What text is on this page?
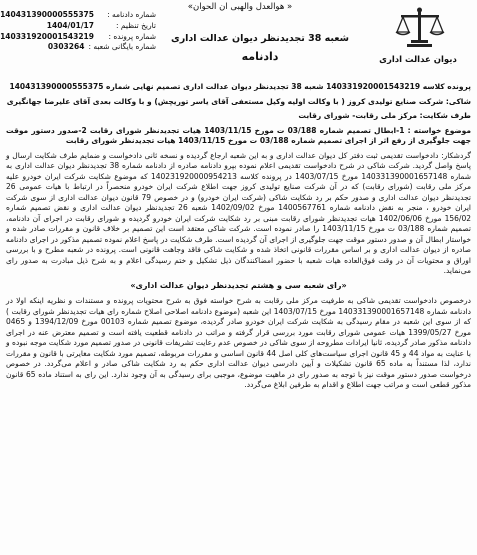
«هوالعدل واﻟﻬﺒﯽ ان اﻟﺤﻮان »
دیوان عدالت اداری
شعبه 38 تجدیدنظر دیوان عدالت اداری
دادنامه
شماره دادنامه :
140431390000555375
تاریخ تنظیم :
1404/01/17
شماره پرونده :
140331920001543219
شماره بایگانی شعبه :
0303264

پرونده کلاسه 140331920001543219 شعبه 38 تجدیدنظر دیوان عدالت اداری تصمیم نهایی شماره 140431390000555375

شاکی: شرکت صنایع تولیدی کروز ( با وکالت اولیه وکیل مستعفی آقای یاسر توریچش) و با وکالت بعدی آقای علیرضا جهانگیری

طرف شکایت: مرکز ملی رقابت- شورای رقابت

موضوع خواسته : 1-ابطال تصمیم شماره 03/188 ت مورخ 1403/11/15 هیات تجدیدنظر شورای رقابت 2-صدور دستور موقت جهت جلوگیری از رفع اثر از اجرای تصمیم شماره 03/188 ت مورخ 1403/11/15 هیات تجدیدنظر شورای رقابت

گردشکار: دادخواست تقدیمی ثبت دفتر کل دیوان عدالت اداری و به این شعبه ارجاع گردیده و نسخه ثانی دادخواست و ضمایم طرف شکایت ارسال و پاسخ واصل گردید. شرکت شاکی در شرح دادخواست تقدیمی اعلام نموده بپرو دادنامه صادره از دادنامه شماره 38 تجدیدنظر دیوان عدالت اداری به شماره 140331390001657148 مورخ 1403/07/15 در پرونده کلاسه 140231920000954213 که موضوع شکایت شرکت ایران خودرو علیه مرکز ملی رقابت (شورای رقابت) که در آن شرکت صنایع تولیدی کروز جهت اطلاع شرکت ایران خودرو منحصراً در ارتباط با هیات عمومی 26 تجدیدنظر دیوان عدالت اداری و صدور حکم بر رد شکایت شاکی (شرکت ایران خودرو) و در خصوص 79 قانون دیوان عدالت اداری از سوی شرکت ایران خودرو ، منجر به نقض دادنامه شماره 1400567761 مورخ 1402/09/02 شعبه 26 تجدیدنظر دیوان عدالت اداری و نقض تصمیم شماره 156/02 مورخ 1402/06/06 هیات تجدیدنظر شورای رقابت مبنی بر رد شکایت شرکت ایران خودرو گردیده و شورای رقابت در اجرای آن دادنامه، تصمیم شماره 03/188 ت مورخ 1403/11/15 را صادر نموده است. شرکت شاکی معتقد است این تصمیم بر خلاف قانون و مقررات صادر شده و خواستار ابطال آن و صدور دستور موقت جهت جلوگیری از اجرای آن گردیده است. طرف شکایت در پاسخ اعلام نموده تصمیم مذکور در اجرای دادنامه صادره از دیوان عدالت اداری و بر اساس مقررات قانونی اتخاذ شده و شکایت شاکی فاقد وجاهت قانونی است. پرونده در شعبه مطرح و با بررسی اوراق و محتویات آن در وقت فوق‌العاده هیات شعبه با حضور امضاکنندگان ذیل تشکیل و ختم رسیدگی اعلام و به شرح ذیل مبادرت به صدور رای می‌نماید.

«رای شعبه سی و هشتم تجدیدنظر دیوان عدالت اداری»

درخصوص دادخواست تقدیمی شاکی به طرفیت مرکز ملی رقابت به شرح خواسته فوق به شرح محتویات پرونده و مستندات و نظریه اینکه اولا در دادنامه شماره 140331390001657148 مورخ 1403/07/15 این شعبه (موضوع دادنامه اصلاحی اصلاح شماره رای هیات تجدیدنظر شورای رقابت ) که از سوی این شعبه در مقام رسیدگی به شکایت شرکت ایران خودرو صادر گردیده، موضوع تصمیم شماره 00103 مورخ 1394/12/09 و 0465 مورخ 1399/05/27 هیات عمومی شورای رقابت مورد بررسی قرار گرفته و مراتب در دادنامه قطعیت یافته است و تصمیم معترض عنه در اجرای دادنامه مذکور صادر گردیده، ثانیا ایرادات مطروحه از سوی شاکی در خصوص عدم رعایت تشریفات قانونی در صدور تصمیم مورد شکایت موجه نبوده و با عنایت به مواد 44 و 45 قانون اجرای سیاست‌های کلی اصل 44 قانون اساسی و مقررات مربوطه، تصمیم مورد شکایت مغایرتی با قانون و مقررات ندارد، لذا مستنداً به ماده 65 قانون تشکیلات و آیین دادرسی دیوان عدالت اداری حکم به رد شکایت شاکی صادر و اعلام می‌گردد. در خصوص درخواست صدور دستور موقت نیز با توجه به صدور رای در ماهیت موضوع، موجبی برای رسیدگی به آن وجود ندارد. این رای به استناد ماده 65 قانون مذکور قطعی است و مراتب جهت اطلاع و اقدام به طرفین ابلاغ می‌گردد.
